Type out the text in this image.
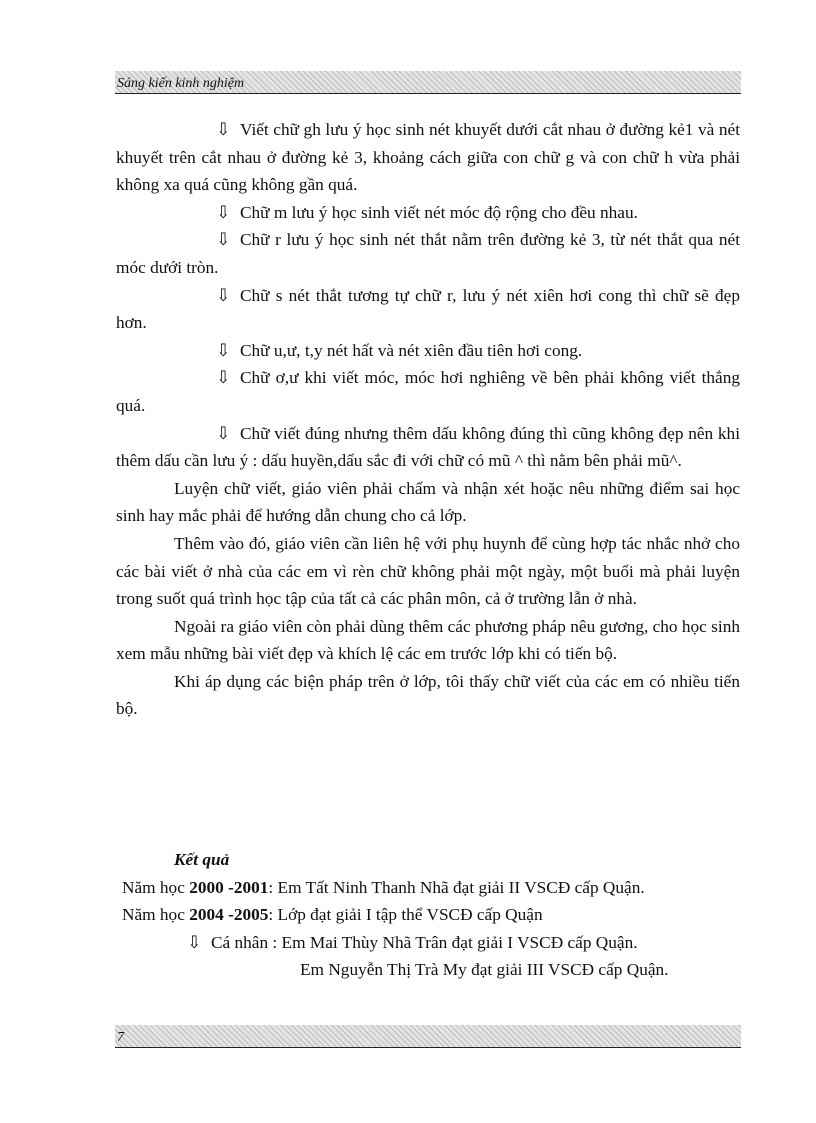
Sáng kiến kinh nghiệm

⇩ Viết chữ gh lưu ý học sinh nét khuyết dưới cắt nhau ở đường kẻ1 và nét khuyết trên cắt nhau ở đường kẻ 3, khoảng cách giữa con chữ g và con chữ h vừa phải không xa quá cũng không gần quá.

⇩ Chữ m lưu ý học sinh viết nét móc độ rộng cho đều nhau.

⇩ Chữ r lưu ý học sinh nét thắt nằm trên đường kẻ 3, từ nét thắt qua nét móc dưới tròn.

⇩ Chữ s nét thắt tương tự chữ r, lưu ý nét xiên hơi cong thì chữ sẽ đẹp hơn.

⇩ Chữ u,ư, t,y nét hất và nét xiên đầu tiên hơi cong.

⇩ Chữ ơ,ư khi viết móc, móc hơi nghiêng về bên phải không viết thẳng quá.

⇩ Chữ viết đúng nhưng thêm dấu không đúng thì cũng không đẹp nên khi thêm dấu cần lưu ý : dấu huyền,dấu sắc đi với chữ có mũ ^ thì nằm bên phải mũ^.

Luyện chữ viết, giáo viên phải chấm và nhận xét hoặc nêu những điểm sai học sinh hay mắc phải để hướng dẫn chung cho cả lớp.

Thêm vào đó, giáo viên cần liên hệ với phụ huynh để cùng hợp tác nhắc nhở cho các bài viết ở nhà của các em vì rèn chữ không phải một ngày, một buổi mà phải luyện trong suốt quá trình học tập của tất cả các phân môn, cả ở trường lẫn ở nhà.

Ngoài ra giáo viên còn phải dùng thêm các phương pháp nêu gương, cho học sinh xem mẫu những bài viết đẹp và khích lệ các em trước lớp khi có tiến bộ.

Khi áp dụng các biện pháp trên ở lớp, tôi thấy chữ viết của các em có nhiều tiến bộ.

Kết quả

Năm học 2000 -2001: Em Tất Ninh Thanh Nhã đạt giải II VSCĐ cấp Quận.

Năm học 2004 -2005: Lớp đạt giải I tập thể VSCĐ cấp Quận

⇩ Cá nhân : Em Mai Thùy Nhã Trân đạt giải I VSCĐ cấp Quận.

Em Nguyễn Thị Trà My đạt giải III VSCĐ cấp Quận.

7
